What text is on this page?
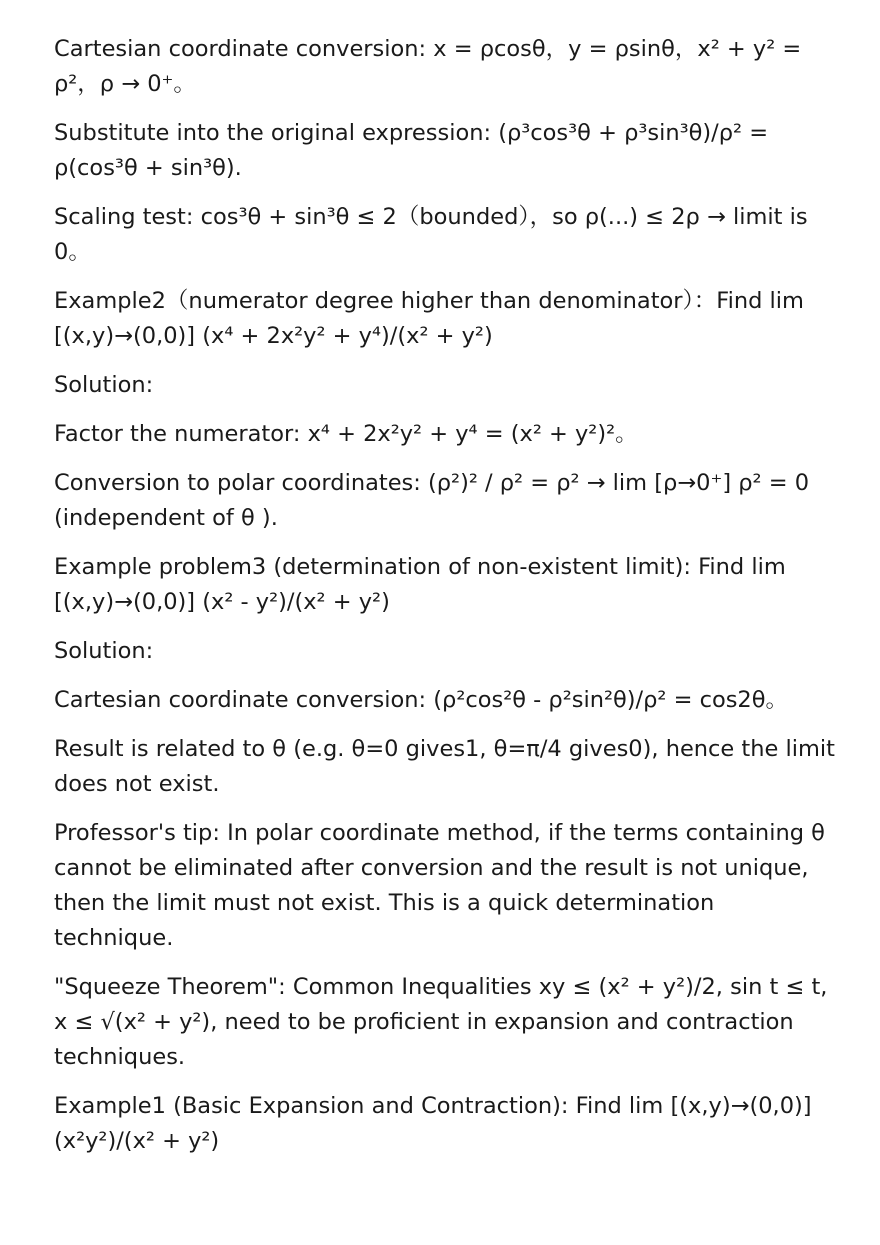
Cartesian coordinate conversion: x = ρcosθ，y = ρsinθ，x² + y² = ρ²，ρ → 0⁺。

Substitute into the original expression: (ρ³cos³θ + ρ³sin³θ)/ρ² = ρ(cos³θ + sin³θ).

Scaling test: cos³θ + sin³θ ≤ 2（bounded），so ρ(...) ≤ 2ρ → limit is 0。

Example2（numerator degree higher than denominator）：Find lim [(x,y)→(0,0)] (x⁴ + 2x²y² + y⁴)/(x² + y²)

Solution:

Factor the numerator: x⁴ + 2x²y² + y⁴ = (x² + y²)²。

Conversion to polar coordinates: (ρ²)² / ρ² = ρ² → lim [ρ→0⁺] ρ² = 0 (independent of θ ).

Example problem3 (determination of non-existent limit): Find lim [(x,y)→(0,0)] (x² - y²)/(x² + y²)

Solution:

Cartesian coordinate conversion: (ρ²cos²θ - ρ²sin²θ)/ρ² = cos2θ。

Result is related to θ (e.g. θ=0 gives1, θ=π/4 gives0), hence the limit does not exist.

Professor's tip: In polar coordinate method, if the terms containing θ cannot be eliminated after conversion and the result is not unique, then the limit must not exist. This is a quick determination technique.

"Squeeze Theorem": Common Inequalities xy ≤ (x² + y²)/2, sin t ≤ t, x ≤ √(x² + y²), need to be proficient in expansion and contraction techniques.

Example1 (Basic Expansion and Contraction): Find lim [(x,y)→(0,0)] (x²y²)/(x² + y²)
